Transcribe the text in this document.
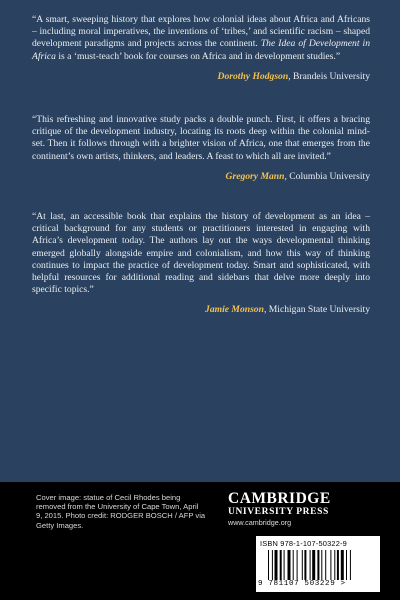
“A smart, sweeping history that explores how colonial ideas about Africa and Africans – including moral imperatives, the inventions of ‘tribes,’ and scientific racism – shaped development paradigms and projects across the continent. The Idea of Development in Africa is a ‘must-teach’ book for courses on Africa and in development studies.”

Dorothy Hodgson, Brandeis University

“This refreshing and innovative study packs a double punch. First, it offers a bracing critique of the development industry, locating its roots deep within the colonial mind-set. Then it follows through with a brighter vision of Africa, one that emerges from the continent’s own artists, thinkers, and leaders. A feast to which all are invited.”

Gregory Mann, Columbia University

“At last, an accessible book that explains the history of development as an idea – critical background for any students or practitioners interested in engaging with Africa’s development today. The authors lay out the ways developmental thinking emerged globally alongside empire and colonialism, and how this way of thinking continues to impact the practice of development today. Smart and sophisticated, with helpful resources for additional reading and sidebars that delve more deeply into specific topics.”

Jamie Monson, Michigan State University

Cover image: statue of Cecil Rhodes being removed from the University of Cape Town, April 9, 2015. Photo credit: RODGER BOSCH / AFP via Getty Images.

CAMBRIDGE
UNIVERSITY PRESS
www.cambridge.org
ISBN 978-1-107-50322-9
9 781107 503229 >
